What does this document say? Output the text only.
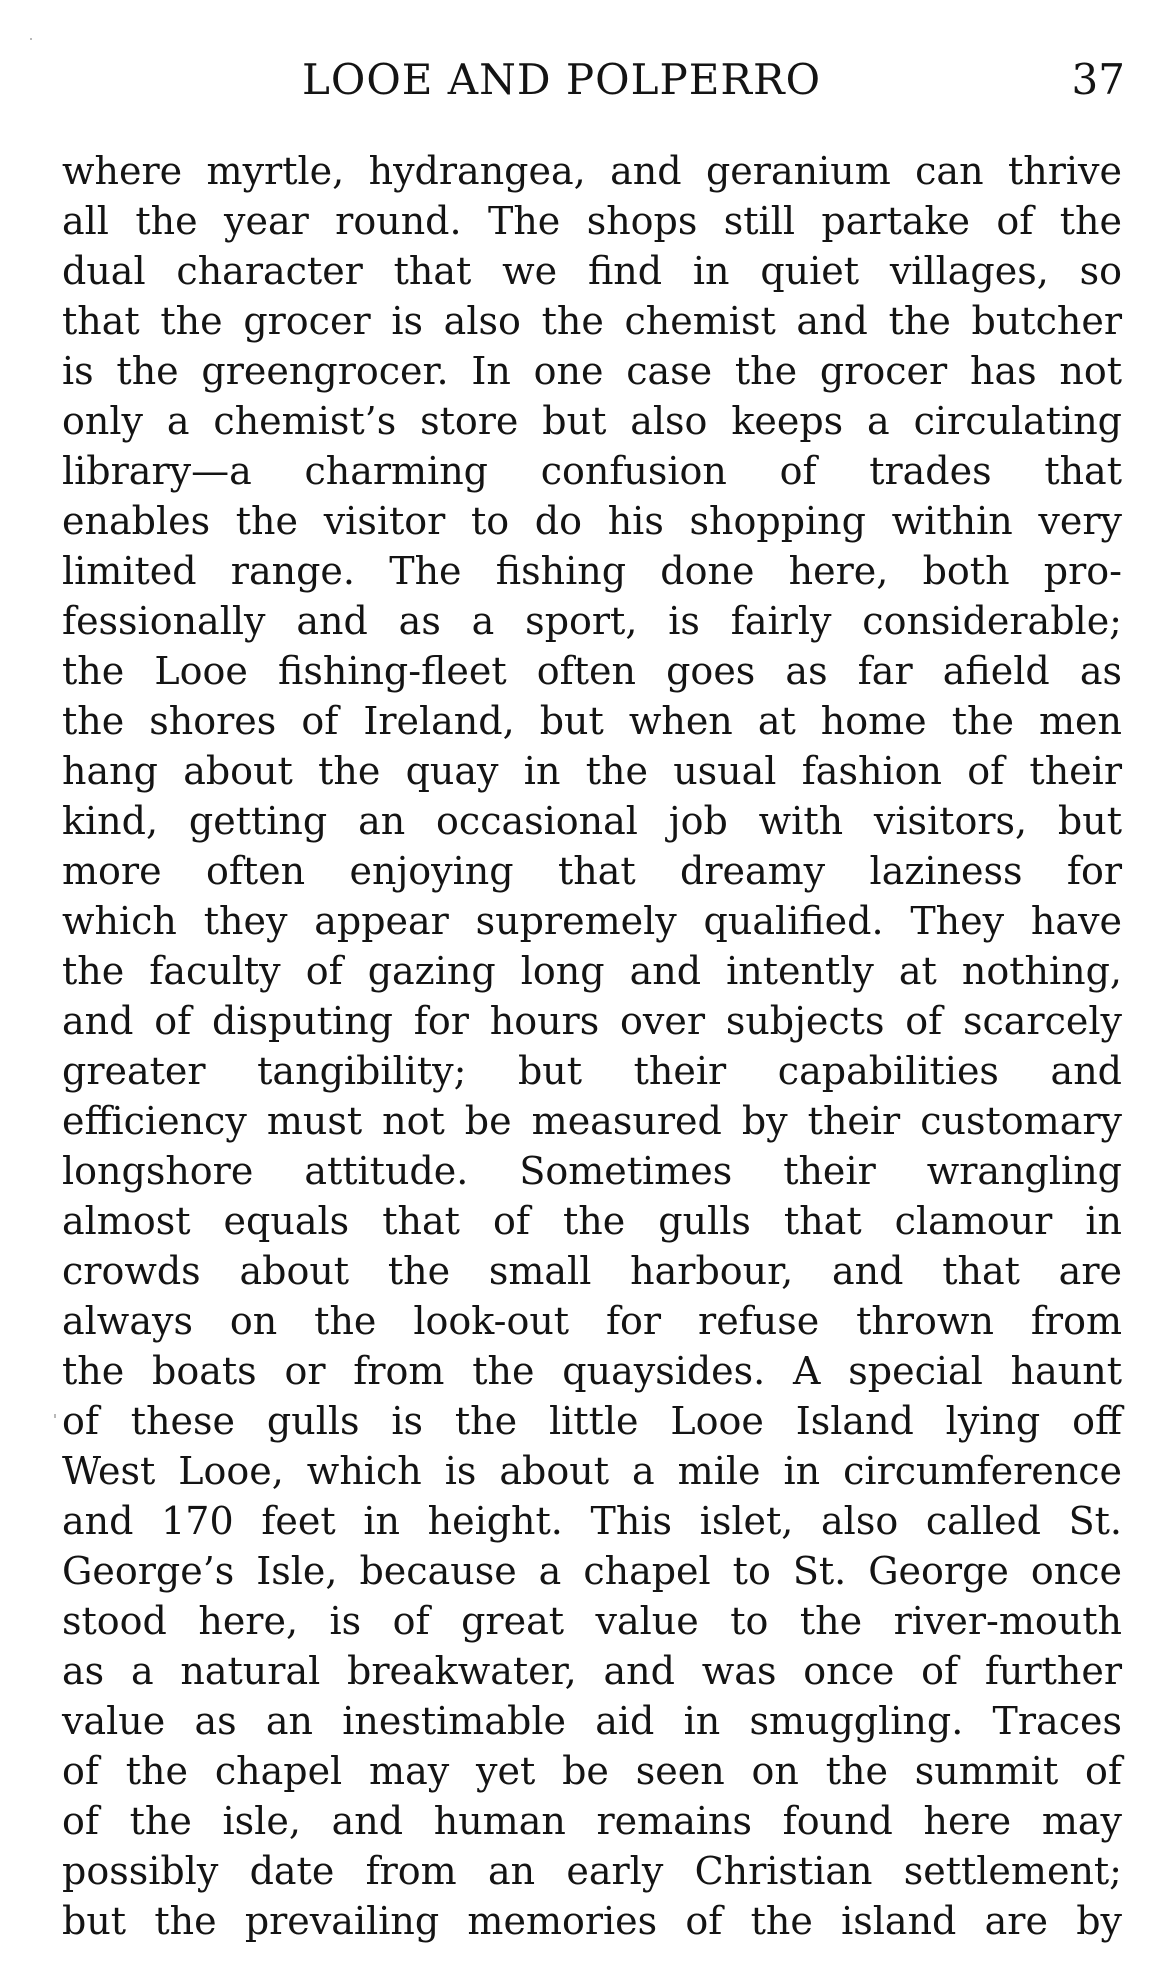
LOOE AND POLPERRO	37
where myrtle, hydrangea, and geranium can thrive
all the year round. The shops still partake of the
dual character that we find in quiet villages, so
that the grocer is also the chemist and the butcher
is the greengrocer. In one case the grocer has not
only a chemist’s store but also keeps a circulating
library—a charming confusion of trades that
enables the visitor to do his shopping within very
limited range. The fishing done here, both pro-
fessionally and as a sport, is fairly considerable;
the Looe fishing-fleet often goes as far afield as
the shores of Ireland, but when at home the men
hang about the quay in the usual fashion of their
kind, getting an occasional job with visitors, but
more often enjoying that dreamy laziness for
which they appear supremely qualified. They have
the faculty of gazing long and intently at nothing,
and of disputing for hours over subjects of scarcely
greater tangibility; but their capabilities and
efficiency must not be measured by their customary
longshore attitude. Sometimes their wrangling
almost equals that of the gulls that clamour in
crowds about the small harbour, and that are
always on the look-out for refuse thrown from
the boats or from the quaysides. A special haunt
of these gulls is the little Looe Island lying off
West Looe, which is about a mile in circumference
and 170 feet in height. This islet, also called St.
George’s Isle, because a chapel to St. George once
stood here, is of great value to the river-mouth
as a natural breakwater, and was once of further
value as an inestimable aid in smuggling. Traces
of the chapel may yet be seen on the summit of
of the isle, and human remains found here may
possibly date from an early Christian settlement;
but the prevailing memories of the island are by
